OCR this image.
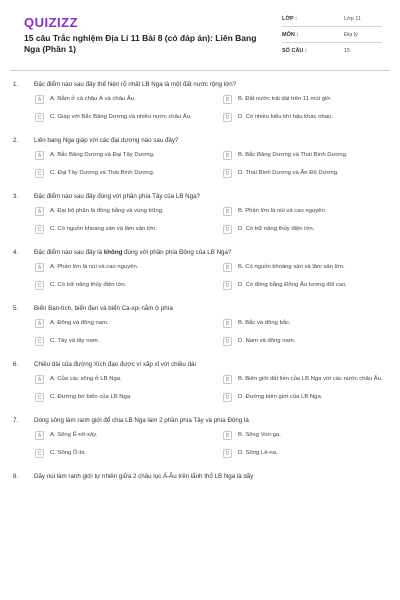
QUIZIZZ
15 câu Trắc nghiệm Địa Lí 11 Bài 8 (có đáp án): Liên Bang Nga (Phần 1)
LỚP :	Lớp 11
MÔN :	Địa lý
SỐ CÂU :	15
1.	Đặc điểm nào sau đây thể hiện rõ nhất LB Nga là một đất nước rộng lớn?
A	A. Nằm ở cả châu Á và châu Âu.	B	B. Đất nước trải dài trên 11 múi giờ.
C	C. Giáp với Bắc Băng Dương và nhiều nước châu Âu.	D	D. Có nhiều kiểu khí hậu khác nhau.
2.	Liên bang Nga giáp với các đại dương nào sau đây?
A	A. Bắc Băng Dương và Đại Tây Dương.	B	B. Bắc Băng Dương và Thái Bình Dương.
C	C. Đại Tây Dương và Thái Bình Dương.	D	D. Thái Bình Dương và Ấn Độ Dương.
3.	Đặc điểm nào sau đây đúng với phần phía Tây của LB Nga?
A	A. Đại bộ phận là đồng bằng và vùng trũng.	B	B. Phần lớn là núi và cao nguyên.
C	C. Có nguồn khoáng sản và lâm sản lớn.	D	D. Có trữ năng thủy điện lớn.
4.	Đặc điểm nào sau đây là không đúng với phần phía Đông của LB Nga?
A	A. Phần lớn là núi và cao nguyên.	B	B. Có nguồn khoáng sản và lâm sản lớn.
C	C. Có trữ năng thủy điện lớn.	D	D. Có đồng bằng Đông Âu tương đối cao.
5.	Biển Ban-tích, biển đen và biển Ca-xpi nằm ở phía
A	A. Đông và đông nam.	B	B. Bắc và đông bắc.
C	C. Tây và tây nam.	D	D. Nam và đông nam.
6.	Chiều dài của đường Xích đạo được ví xấp xỉ với chiều dài
A	A. Của các sông ở LB Nga.	B	B. Biên giới đất liền của LB Nga với các nước châu Âu.
C	C. Đường bờ biển của LB Nga.	D	D. Đường biên giới của LB Nga.
7.	Dòng sông làm ranh giới để chia LB Nga làm 2 phần phía Tây và phía Đông là
A	A. Sông Ê-nít-xây.	B	B. Sông Von-ga.
C	C. Sông Ô-bi.	D	D. Sông Lê-na.
8.	Dãy núi làm ranh giới tự nhiên giữa 2 châu lục Á-Âu trên lãnh thổ LB Nga là dãy
